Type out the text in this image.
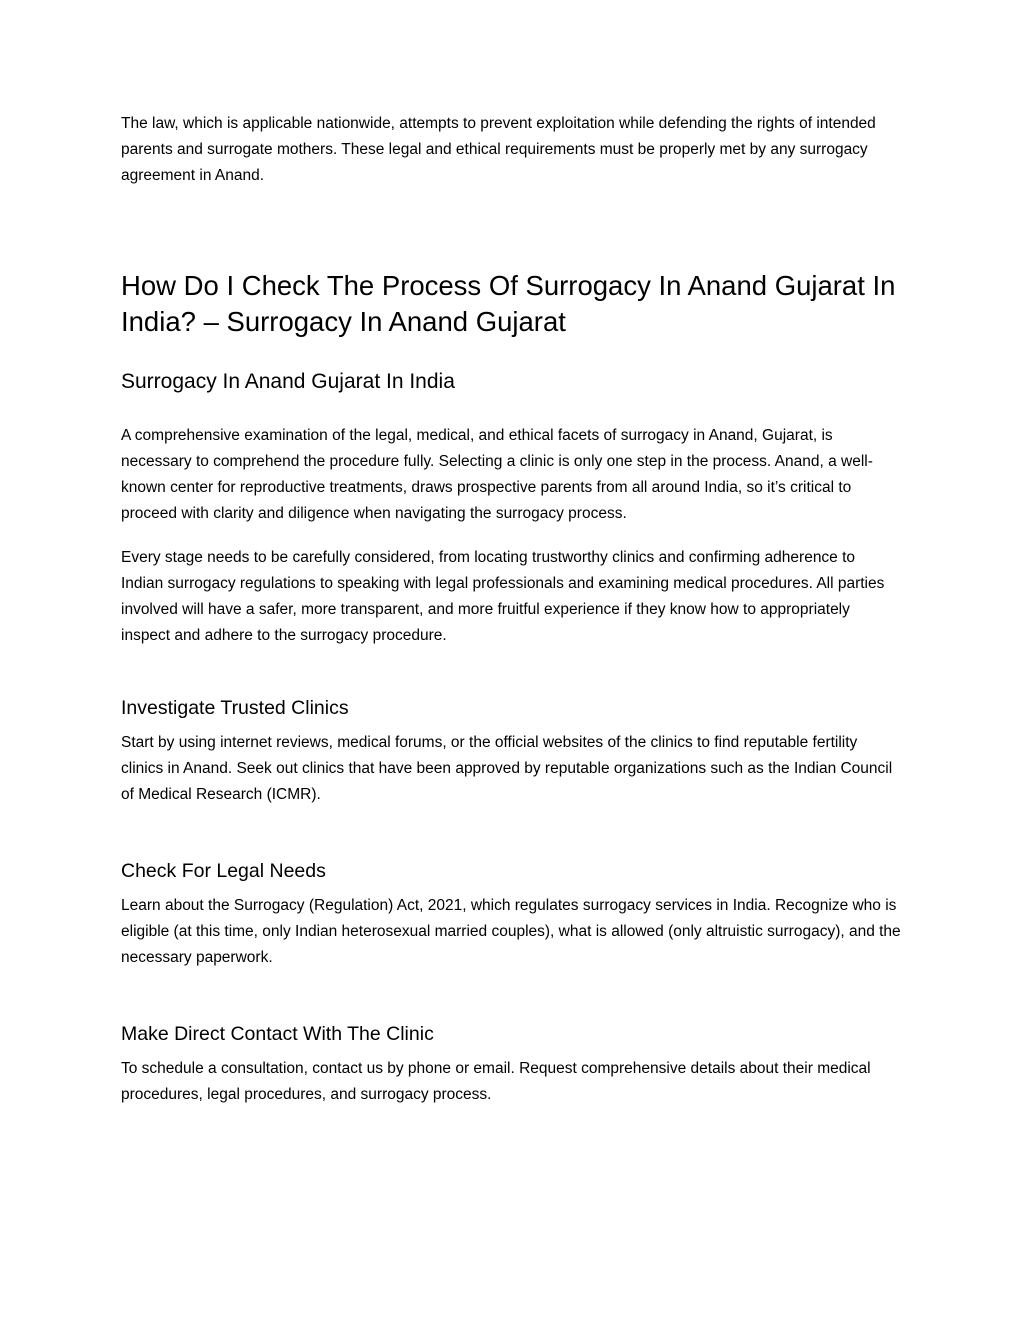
The law, which is applicable nationwide, attempts to prevent exploitation while defending the rights of intended parents and surrogate mothers. These legal and ethical requirements must be properly met by any surrogacy agreement in Anand.

How Do I Check The Process Of Surrogacy In Anand Gujarat In India? – Surrogacy In Anand Gujarat
Surrogacy In Anand Gujarat In India

A comprehensive examination of the legal, medical, and ethical facets of surrogacy in Anand, Gujarat, is necessary to comprehend the procedure fully. Selecting a clinic is only one step in the process. Anand, a well-known center for reproductive treatments, draws prospective parents from all around India, so it’s critical to proceed with clarity and diligence when navigating the surrogacy process.

Every stage needs to be carefully considered, from locating trustworthy clinics and confirming adherence to Indian surrogacy regulations to speaking with legal professionals and examining medical procedures. All parties involved will have a safer, more transparent, and more fruitful experience if they know how to appropriately inspect and adhere to the surrogacy procedure.

Investigate Trusted Clinics

Start by using internet reviews, medical forums, or the official websites of the clinics to find reputable fertility clinics in Anand. Seek out clinics that have been approved by reputable organizations such as the Indian Council of Medical Research (ICMR).

Check For Legal Needs

Learn about the Surrogacy (Regulation) Act, 2021, which regulates surrogacy services in India. Recognize who is eligible (at this time, only Indian heterosexual married couples), what is allowed (only altruistic surrogacy), and the necessary paperwork.

Make Direct Contact With The Clinic

To schedule a consultation, contact us by phone or email. Request comprehensive details about their medical procedures, legal procedures, and surrogacy process.
